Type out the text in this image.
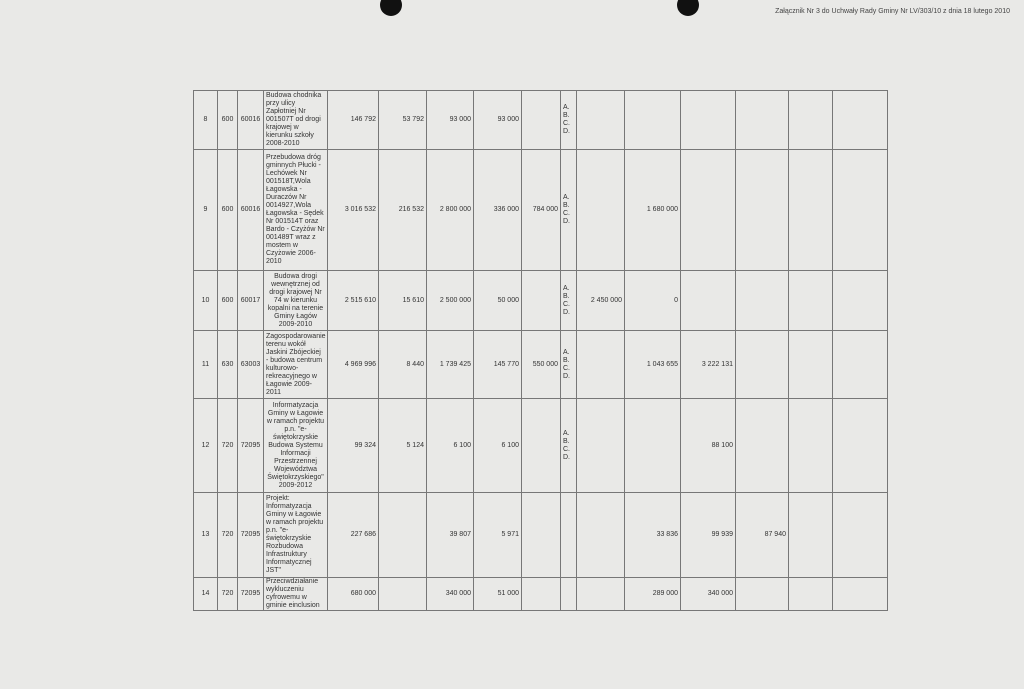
Załącznik Nr 3 do Uchwały Rady Gminy Nr LV/303/10 z dnia 18 lutego 2010
8	600	60016	Budowa chodnika przy ulicy Zapłotniej Nr 001507T od drogi krajowej w kierunku szkoły 2008-2010	146 792	53 792	93 000	93 000		A.
B.
C.
D.						

9	600	60016	Przebudowa dróg gminnych Płucki - Lechówek Nr 001518T,Wola Łagowska - Duraczów Nr 0014927,Wola Łagowska - Sędek Nr 001514T oraz Bardo - Czyżów Nr 001489T wraz z mostem w Czyżowie 2006-2010	3 016 532	216 532	2 800 000	336 000	784 000	A.
B.
C.
D.		1 680 000				
10	600	60017	Budowa drogi wewnętrznej od drogi krajowej Nr 74 w kierunku kopalni na terenie Gminy Łagów 2009-2010	2 515 610	15 610	2 500 000	50 000		A.
B.
C.
D.	2 450 000	0				
11	630	63003	Zagospodarowanie terenu wokół Jaskini Zbójeckiej - budowa centrum kulturowo-rekreacyjnego w Łagowie 2009-2011	4 969 996	8 440	1 739 425	145 770	550 000	A.
B.
C.
D.		1 043 655	3 222 131			
12	720	72095	Informatyzacja Gminy w Łagowie w ramach projektu p.n. "e-świętokrzyskie Budowa Systemu Informacji Przestrzennej Województwa Świętokrzyskiego" 2009-2012	99 324	5 124	6 100	6 100		A.
B.
C.
D.			88 100			
13	720	72095	Projekt: Informatyzacja Gminy w Łagowie w ramach projektu p.n. "e-świętokrzyskie Rozbudowa Infrastruktury Informatycznej JST"	227 686		39 807	5 971				33 836	99 939	87 940		
14	720	72095	Przeciwdziałanie wykluczeniu cyfrowemu w gminie einclusion	680 000		340 000	51 000				289 000	340 000			
